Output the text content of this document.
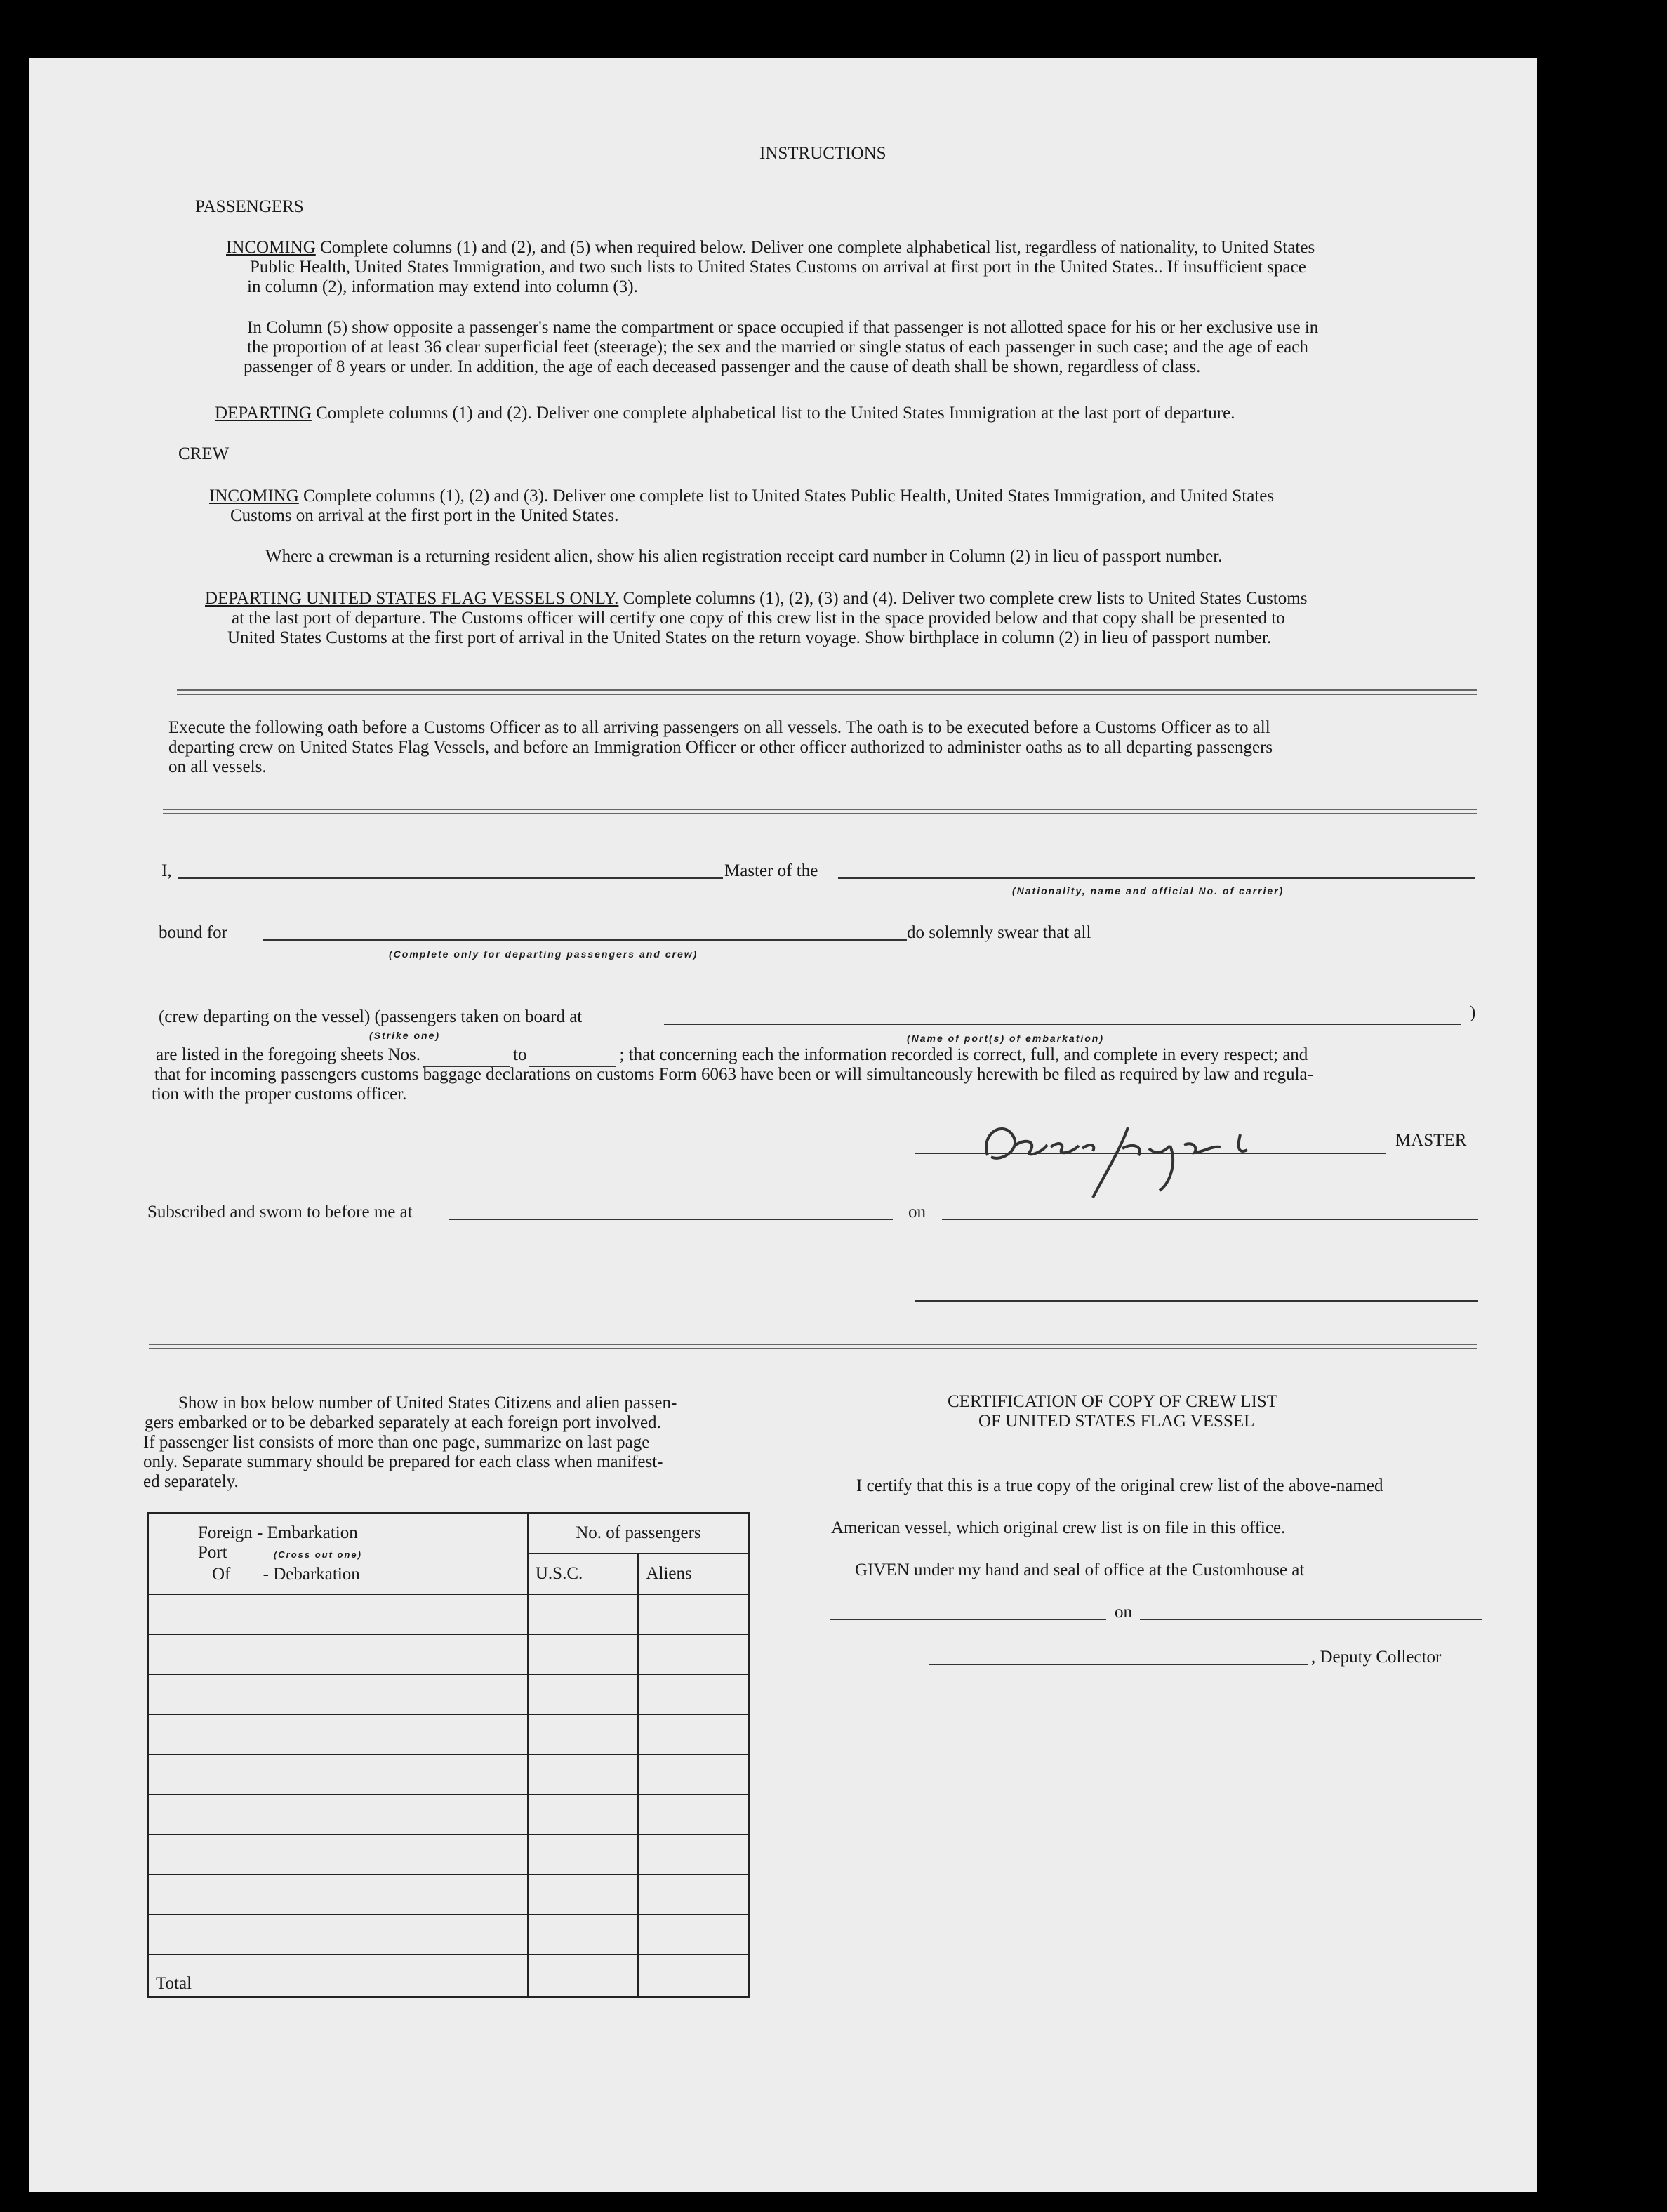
INSTRUCTIONS
PASSENGERS
INCOMING Complete columns (1) and (2), and (5) when required below. Deliver one complete alphabetical list, regardless of nationality, to United States
Public Health, United States Immigration, and two such lists to United States Customs on arrival at first port in the United States.. If insufficient space
in column (2), information may extend into column (3).
In Column (5) show opposite a passenger's name the compartment or space occupied if that passenger is not allotted space for his or her exclusive use in
the proportion of at least 36 clear superficial feet (steerage); the sex and the married or single status of each passenger in such case; and the age of each
passenger of 8 years or under. In addition, the age of each deceased passenger and the cause of death shall be shown, regardless of class.
DEPARTING Complete columns (1) and (2). Deliver one complete alphabetical list to the United States Immigration at the last port of departure.
CREW
INCOMING Complete columns (1), (2) and (3). Deliver one complete list to United States Public Health, United States Immigration, and United States
Customs on arrival at the first port in the United States.
Where a crewman is a returning resident alien, show his alien registration receipt card number in Column (2) in lieu of passport number.
DEPARTING UNITED STATES FLAG VESSELS ONLY. Complete columns (1), (2), (3) and (4). Deliver two complete crew lists to United States Customs
at the last port of departure. The Customs officer will certify one copy of this crew list in the space provided below and that copy shall be presented to
United States Customs at the first port of arrival in the United States on the return voyage. Show birthplace in column (2) in lieu of passport number.
Execute the following oath before a Customs Officer as to all arriving passengers on all vessels. The oath is to be executed before a Customs Officer as to all
departing crew on United States Flag Vessels, and before an Immigration Officer or other officer authorized to administer oaths as to all departing passengers
on all vessels.
I,	Master of the
(Nationality, name and official No. of carrier)
bound for
(Complete only for departing passengers and crew)
do solemnly swear that all
(crew departing on the vessel) (passengers taken on board at	)
(Strike one)	(Name of port(s) of embarkation)
are listed in the foregoing sheets Nos.	to	; that concerning each the information recorded is correct, full, and complete in every respect; and
that for incoming passengers customs baggage declarations on customs Form 6063 have been or will simultaneously herewith be filed as required by law and regula-
tion with the proper customs officer.
MASTER
Subscribed and sworn to before me at	on
Show in box below number of United States Citizens and alien passen-
gers embarked or to be debarked separately at each foreign port involved.
If passenger list consists of more than one page, summarize on last page
only. Separate summary should be prepared for each class when manifest-
ed separately.
Foreign - Embarkation
Port (Cross out one)
Of - Debarkation	No. of passengers	
	U.S.C.	Aliens

Total		
CERTIFICATION OF COPY OF CREW LIST
OF UNITED STATES FLAG VESSEL
I certify that this is a true copy of the original crew list of the above-named
American vessel, which original crew list is on file in this office.
GIVEN under my hand and seal of office at the Customhouse at
on
, Deputy Collector
